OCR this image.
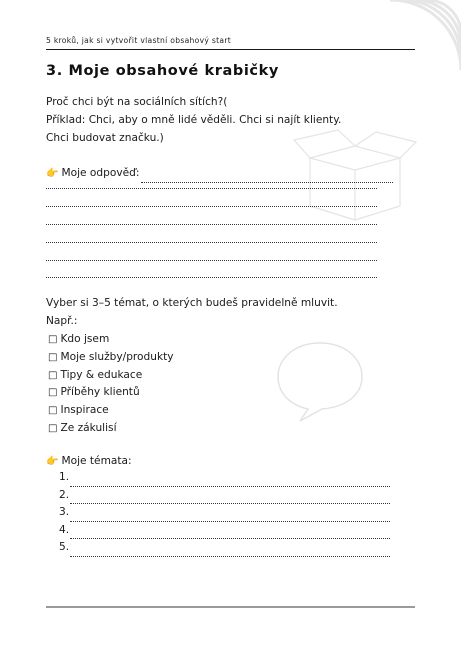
5 kroků, jak si vytvořit vlastní obsahový start
3. Moje obsahové krabičky
Proč chci být na sociálních sítích?(
Příklad: Chci, aby o mně lidé věděli. Chci si najít klienty.
Chci budovat značku.)
👉 Moje odpověď:
Vyber si 3–5 témat, o kterých budeš pravidelně mluvit.
Např.:
□ Kdo jsem
□ Moje služby/produkty
□ Tipy & edukace
□ Příběhy klientů
□ Inspirace
□ Ze zákulisí
👉 Moje témata:
1.
2.
3.
4.
5.
